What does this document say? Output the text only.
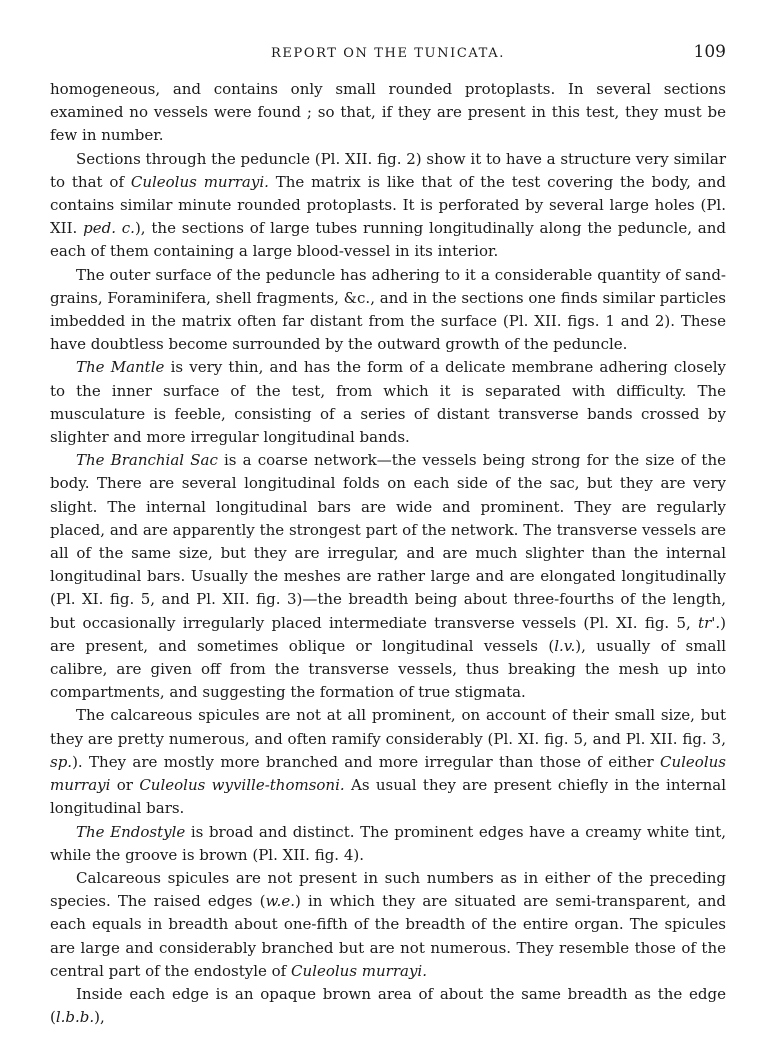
REPORT ON THE TUNICATA.	109

homogeneous, and contains only small rounded protoplasts. In several sections examined no vessels were found ; so that, if they are present in this test, they must be few in number.

Sections through the peduncle (Pl. XII. fig. 2) show it to have a structure very similar to that of Culeolus murrayi. The matrix is like that of the test covering the body, and contains similar minute rounded protoplasts. It is perforated by several large holes (Pl. XII. ped. c.), the sections of large tubes running longitudinally along the peduncle, and each of them containing a large blood-vessel in its interior.

The outer surface of the peduncle has adhering to it a considerable quantity of sand-grains, Foraminifera, shell fragments, &c., and in the sections one finds similar particles imbedded in the matrix often far distant from the surface (Pl. XII. figs. 1 and 2). These have doubtless become surrounded by the outward growth of the peduncle.

The Mantle is very thin, and has the form of a delicate membrane adhering closely to the inner surface of the test, from which it is separated with difficulty. The musculature is feeble, consisting of a series of distant transverse bands crossed by slighter and more irregular longitudinal bands.

The Branchial Sac is a coarse network—the vessels being strong for the size of the body. There are several longitudinal folds on each side of the sac, but they are very slight. The internal longitudinal bars are wide and prominent. They are regularly placed, and are apparently the strongest part of the network. The transverse vessels are all of the same size, but they are irregular, and are much slighter than the internal longitudinal bars. Usually the meshes are rather large and are elongated longitudinally (Pl. XI. fig. 5, and Pl. XII. fig. 3)—the breadth being about three-fourths of the length, but occasionally irregularly placed intermediate transverse vessels (Pl. XI. fig. 5, tr'.) are present, and sometimes oblique or longitudinal vessels (l.v.), usually of small calibre, are given off from the transverse vessels, thus breaking the mesh up into compartments, and suggesting the formation of true stigmata.

The calcareous spicules are not at all prominent, on account of their small size, but they are pretty numerous, and often ramify considerably (Pl. XI. fig. 5, and Pl. XII. fig. 3, sp.). They are mostly more branched and more irregular than those of either Culeolus murrayi or Culeolus wyville-thomsoni. As usual they are present chiefly in the internal longitudinal bars.

The Endostyle is broad and distinct. The prominent edges have a creamy white tint, while the groove is brown (Pl. XII. fig. 4).

Calcareous spicules are not present in such numbers as in either of the preceding species. The raised edges (w.e.) in which they are situated are semi-transparent, and each equals in breadth about one-fifth of the breadth of the entire organ. The spicules are large and considerably branched but are not numerous. They resemble those of the central part of the endostyle of Culeolus murrayi.

Inside each edge is an opaque brown area of about the same breadth as the edge (l.b.b.),
